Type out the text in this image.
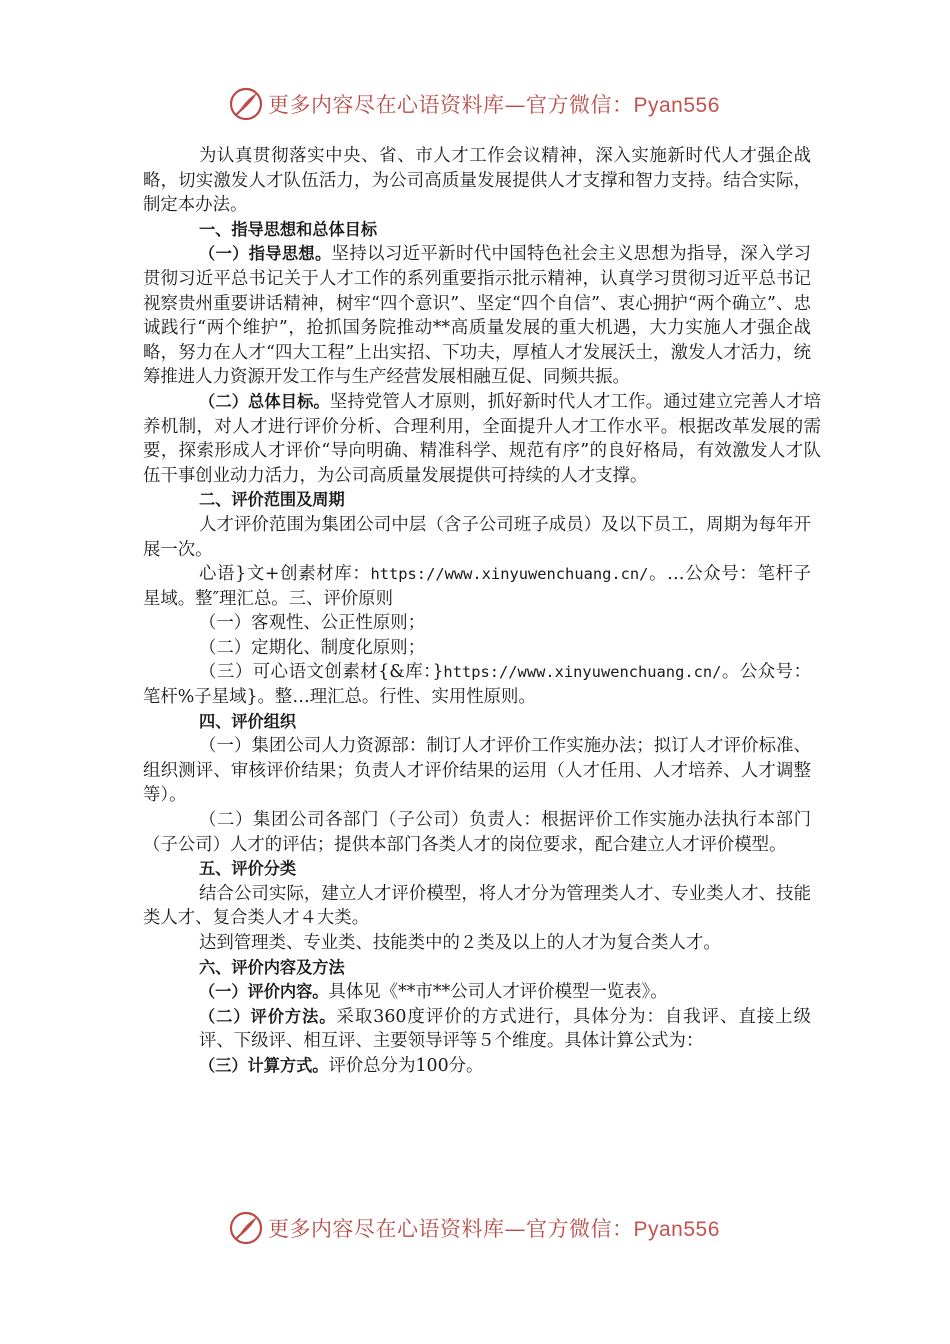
更多内容尽在心语资料库—官方微信：Pyan556

为认真贯彻落实中央、省、市人才工作会议精神，深入实施新时代人才强企战略，切实激发人才队伍活力，为公司高质量发展提供人才支撑和智力支持。结合实际，制定本办法。

一、指导思想和总体目标

（一）指导思想。坚持以习近平新时代中国特色社会主义思想为指导，深入学习贯彻习近平总书记关于人才工作的系列重要指示批示精神，认真学习贯彻习近平总书记视察贵州重要讲话精神，树牢“四个意识”、坚定“四个自信”、衷心拥护“两个确立”、忠诚践行“两个维护”，抢抓国务院推动**高质量发展的重大机遇，大力实施人才强企战略，努力在人才“四大工程”上出实招、下功夫，厚植人才发展沃土，激发人才活力，统筹推进人力资源开发工作与生产经营发展相融互促、同频共振。

（二）总体目标。坚持党管人才原则，抓好新时代人才工作。通过建立完善人才培养机制，对人才进行评价分析、合理利用，全面提升人才工作水平。根据改革发展的需要，探索形成人才评价“导向明确、精准科学、规范有序”的良好格局，有效激发人才队伍干事创业动力活力，为公司高质量发展提供可持续的人才支撑。

二、评价范围及周期

人才评价范围为集团公司中层（含子公司班子成员）及以下员工，周期为每年开展一次。

心语}文+创素材库：https://www.xinyuwenchuang.cn/。…公众号：笔杆子星域。整″理汇总。三、评价原则

（一）客观性、公正性原则；

（二）定期化、制度化原则；

（三）可心语文创素材{&库：}https://www.xinyuwenchuang.cn/。公众号：笔杆%子星域}。整…理汇总。行性、实用性原则。

四、评价组织

（一）集团公司人力资源部：制订人才评价工作实施办法；拟订人才评价标准、组织测评、审核评价结果；负责人才评价结果的运用（人才任用、人才培养、人才调整等）。

（二）集团公司各部门（子公司）负责人：根据评价工作实施办法执行本部门（子公司）人才的评估；提供本部门各类人才的岗位要求，配合建立人才评价模型。

五、评价分类

结合公司实际，建立人才评价模型，将人才分为管理类人才、专业类人才、技能类人才、复合类人才４大类。

达到管理类、专业类、技能类中的２类及以上的人才为复合类人才。

六、评价内容及方法

（一）评价内容。具体见《**市**公司人才评价模型一览表》。

（二）评价方法。采取360度评价的方式进行，具体分为：自我评、直接上级评、下级评、相互评、主要领导评等５个维度。具体计算公式为：

（三）计算方式。评价总分为100分。

更多内容尽在心语资料库—官方微信：Pyan556
